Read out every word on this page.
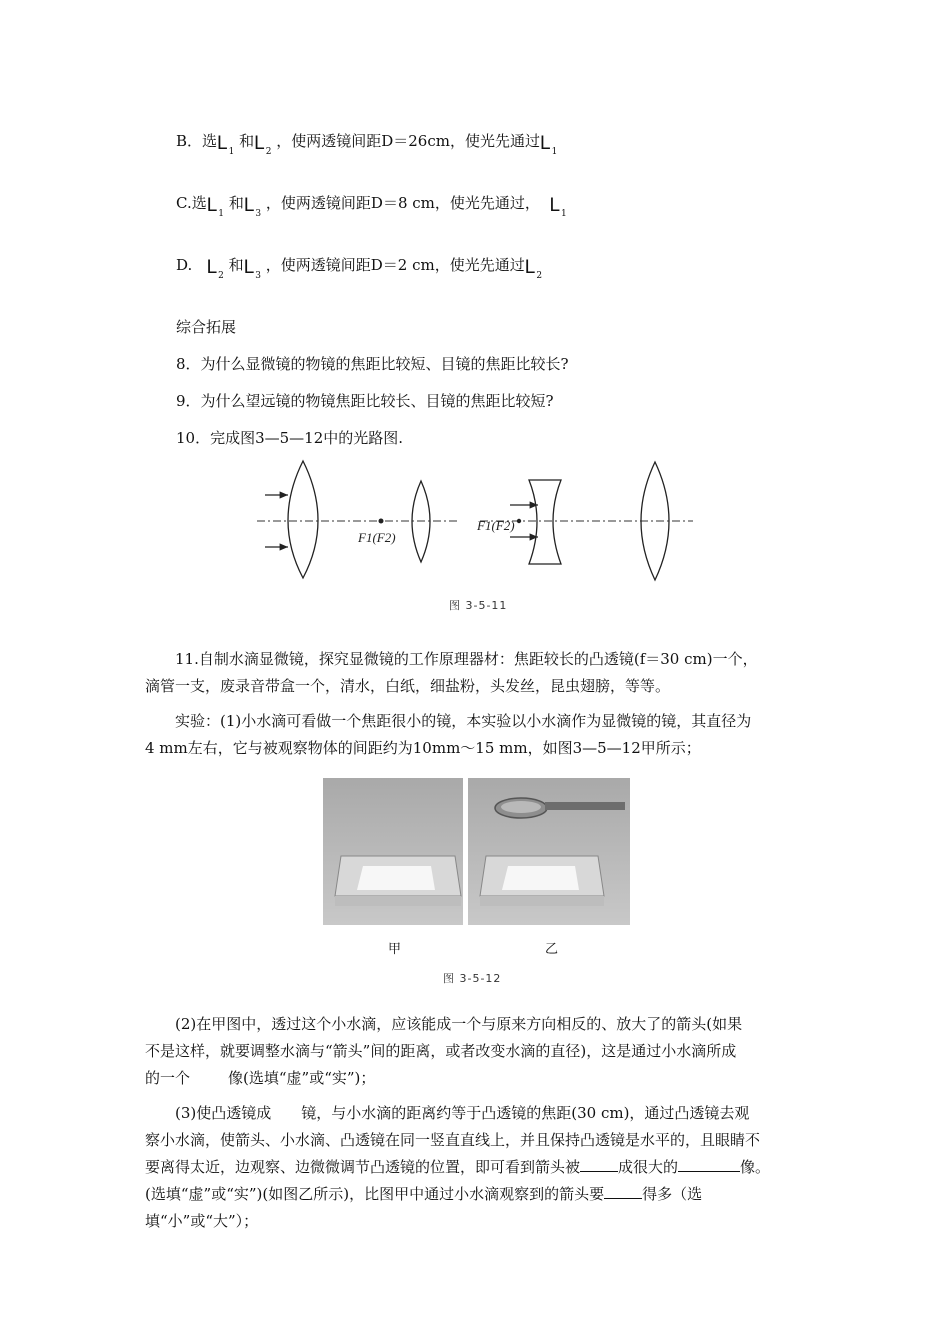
B．选$L_1$ 和$L_2$ ，使两透镜间距D＝26cm，使光先通过$L_1$
C.选$L_1$ 和$L_3$ ，使两透镜间距D＝8 cm，使光先通过， $L_1$
D. $L_2$ 和$L_3$ ，使两透镜间距D＝2 cm，使光先通过$L_2$
综合拓展
8．为什么显微镜的物镜的焦距比较短、目镜的焦距比较长?
9．为什么望远镜的物镜焦距比较长、目镜的焦距比较短?
10．完成图3—5—12中的光路图.
F1(F2)
F1(F2)
图 3-5-11
11.自制水滴显微镜，探究显微镜的工作原理器材：焦距较长的凸透镜(f＝30 cm)一个，
滴管一支，废录音带盒一个，清水，白纸，细盐粉，头发丝，昆虫翅膀，等等。
实验：(1)小水滴可看做一个焦距很小的镜，本实验以小水滴作为显微镜的镜，其直径为
4 mm左右，它与被观察物体的间距约为10mm～15 mm，如图3—5—12甲所示；
甲	乙
图 3-5-12
(2)在甲图中，透过这个小水滴，应该能成一个与原来方向相反的、放大了的箭头(如果
不是这样，就要调整水滴与“箭头”间的距离，或者改变水滴的直径)，这是通过小水滴所成
的一个	像(选填“虚”或“实”)；
(3)使凸透镜成 镜，与小水滴的距离约等于凸透镜的焦距(30 cm)，通过凸透镜去观
察小水滴，使箭头、小水滴、凸透镜在同一竖直直线上，并且保持凸透镜是水平的，且眼睛不
要离得太近，边观察、边微微调节凸透镜的位置，即可看到箭头被	成很大的	像。
(选填“虚”或“实”)(如图乙所示)，比图甲中通过小水滴观察到的箭头要	得多（选
填“小”或“大”）；
